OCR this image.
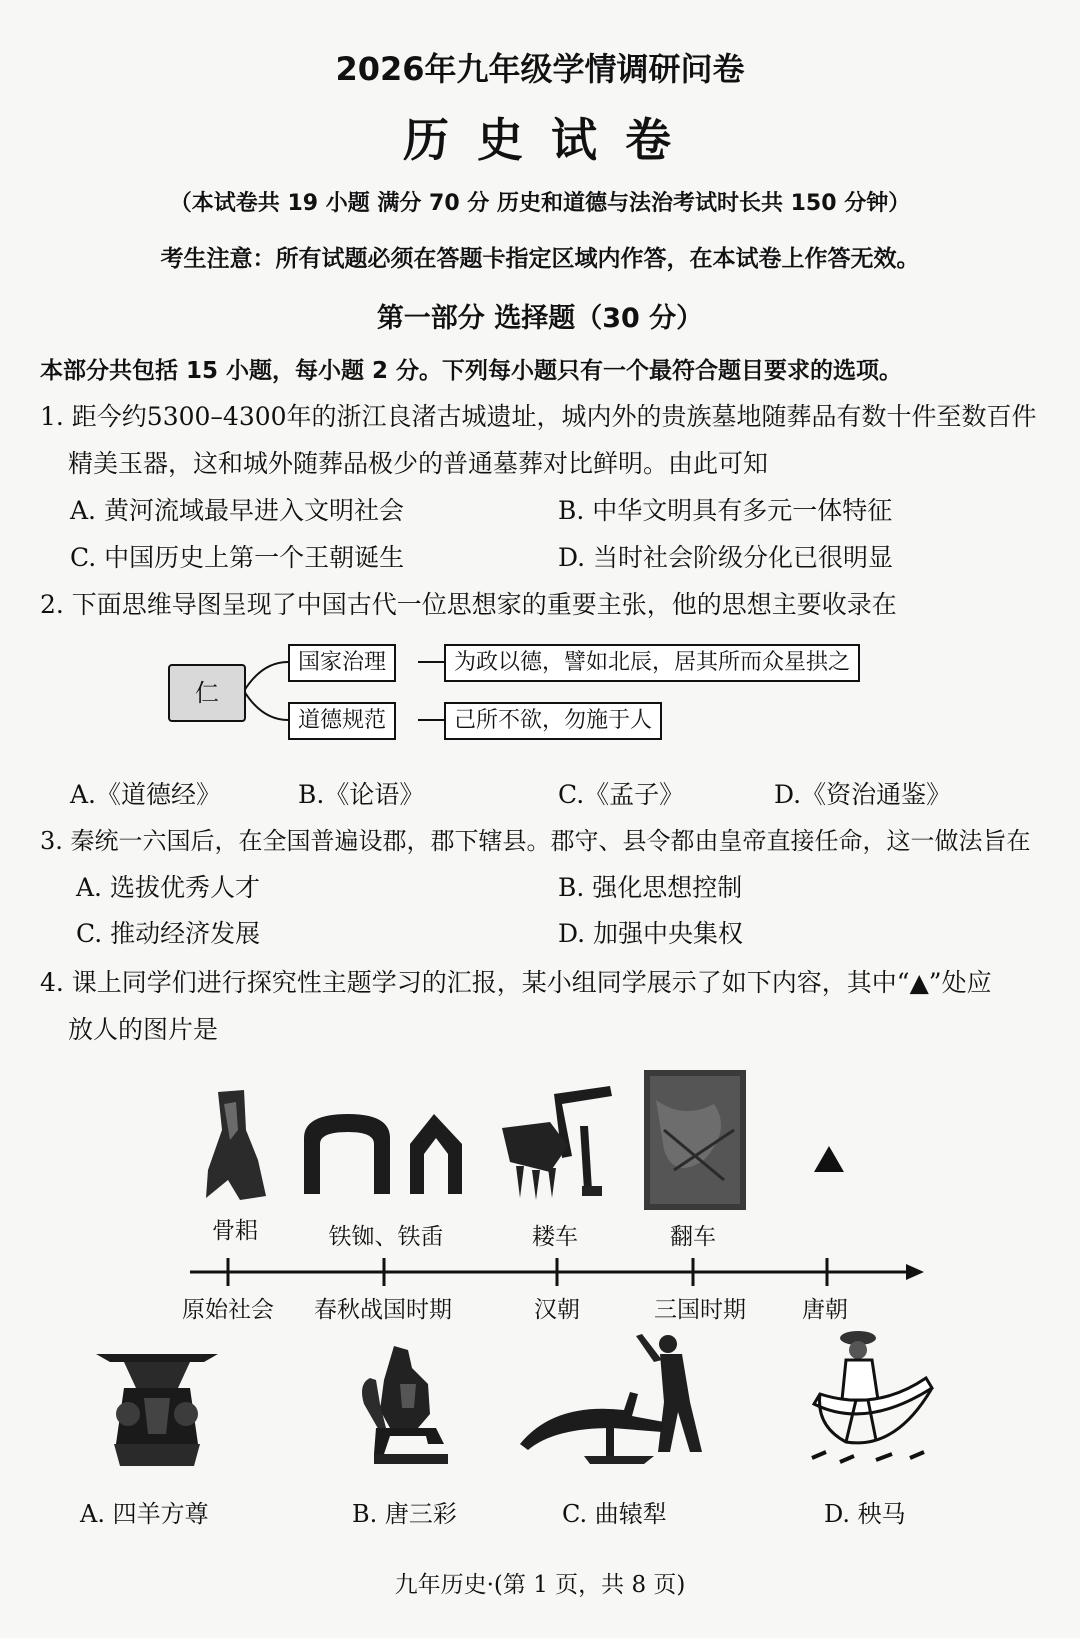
2026年九年级学情调研问卷
历 史 试 卷
（本试卷共 19 小题 满分 70 分 历史和道德与法治考试时长共 150 分钟）
考生注意：所有试题必须在答题卡指定区域内作答，在本试卷上作答无效。
第一部分 选择题（30 分）
本部分共包括 15 小题，每小题 2 分。下列每小题只有一个最符合题目要求的选项。
1. 距今约5300–4300年的浙江良渚古城遗址，城内外的贵族墓地随葬品有数十件至数百件
精美玉器，这和城外随葬品极少的普通墓葬对比鲜明。由此可知
A. 黄河流域最早进入文明社会	B. 中华文明具有多元一体特征
C. 中国历史上第一个王朝诞生	D. 当时社会阶级分化已很明显
2. 下面思维导图呈现了中国古代一位思想家的重要主张，他的思想主要收录在
仁
国家治理	为政以德，譬如北辰，居其所而众星拱之
道德规范	己所不欲，勿施于人
A.《道德经》	B.《论语》	C.《孟子》	D.《资治通鉴》
3. 秦统一六国后，在全国普遍设郡，郡下辖县。郡守、县令都由皇帝直接任命，这一做法旨在
A. 选拔优秀人才	B. 强化思想控制
C. 推动经济发展	D. 加强中央集权
4. 课上同学们进行探究性主题学习的汇报，某小组同学展示了如下内容，其中“▲”处应
放人的图片是
骨耜	铁铷、铁臿	耧车	翻车
原始社会	春秋战国时期	汉朝	三国时期	唐朝
A. 四羊方尊	B. 唐三彩	C. 曲辕犁	D. 秧马
九年历史·(第 1 页，共 8 页)
